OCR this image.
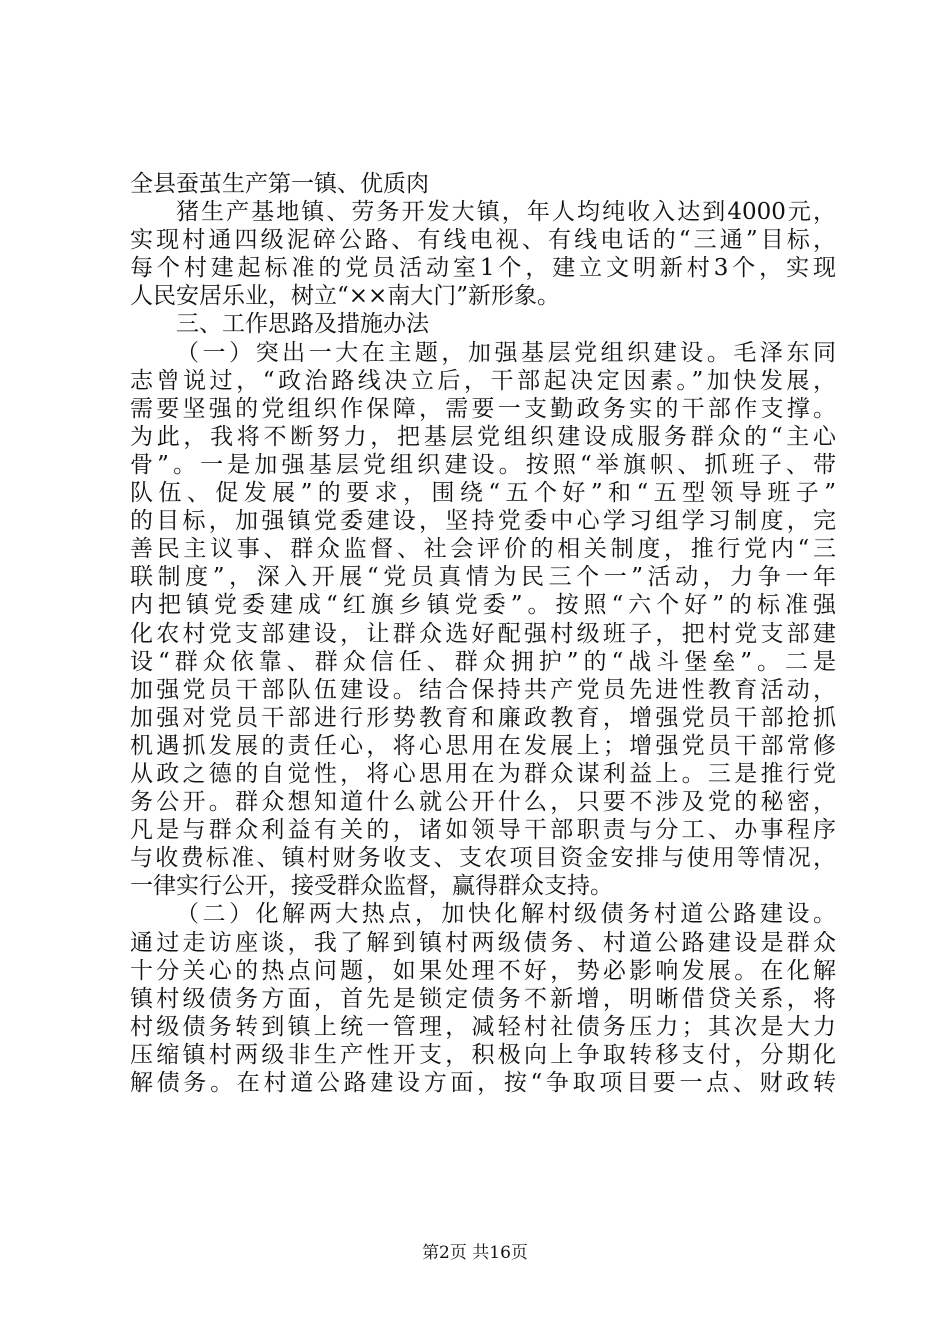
全县蚕茧生产第一镇、优质肉
猪生产基地镇、劳务开发大镇，年人均纯收入达到4000元，
实现村通四级泥碎公路、有线电视、有线电话的“三通”目标，
每个村建起标准的党员活动室1个，建立文明新村3个，实现
人民安居乐业，树立“××南大门”新形象。
三、工作思路及措施办法
（一）突出一大在主题，加强基层党组织建设。毛泽东同
志曾说过，“政治路线决立后，干部起决定因素。”加快发展，
需要坚强的党组织作保障，需要一支勤政务实的干部作支撑。
为此，我将不断努力，把基层党组织建设成服务群众的“主心
骨”。一是加强基层党组织建设。按照“举旗帜、抓班子、带
队伍、促发展”的要求，围绕“五个好”和“五型领导班子”
的目标，加强镇党委建设，坚持党委中心学习组学习制度，完
善民主议事、群众监督、社会评价的相关制度，推行党内“三
联制度”，深入开展“党员真情为民三个一”活动，力争一年
内把镇党委建成“红旗乡镇党委”。按照“六个好”的标准强
化农村党支部建设，让群众选好配强村级班子，把村党支部建
设“群众依靠、群众信任、群众拥护”的“战斗堡垒”。二是
加强党员干部队伍建设。结合保持共产党员先进性教育活动，
加强对党员干部进行形势教育和廉政教育，增强党员干部抢抓
机遇抓发展的责任心，将心思用在发展上；增强党员干部常修
从政之德的自觉性，将心思用在为群众谋利益上。三是推行党
务公开。群众想知道什么就公开什么，只要不涉及党的秘密，
凡是与群众利益有关的，诸如领导干部职责与分工、办事程序
与收费标准、镇村财务收支、支农项目资金安排与使用等情况，
一律实行公开，接受群众监督，赢得群众支持。
（二）化解两大热点，加快化解村级债务村道公路建设。
通过走访座谈，我了解到镇村两级债务、村道公路建设是群众
十分关心的热点问题，如果处理不好，势必影响发展。在化解
镇村级债务方面，首先是锁定债务不新增，明晰借贷关系，将
村级债务转到镇上统一管理，减轻村社债务压力；其次是大力
压缩镇村两级非生产性开支，积极向上争取转移支付，分期化
解债务。在村道公路建设方面，按“争取项目要一点、财政转
第2页 共16页
